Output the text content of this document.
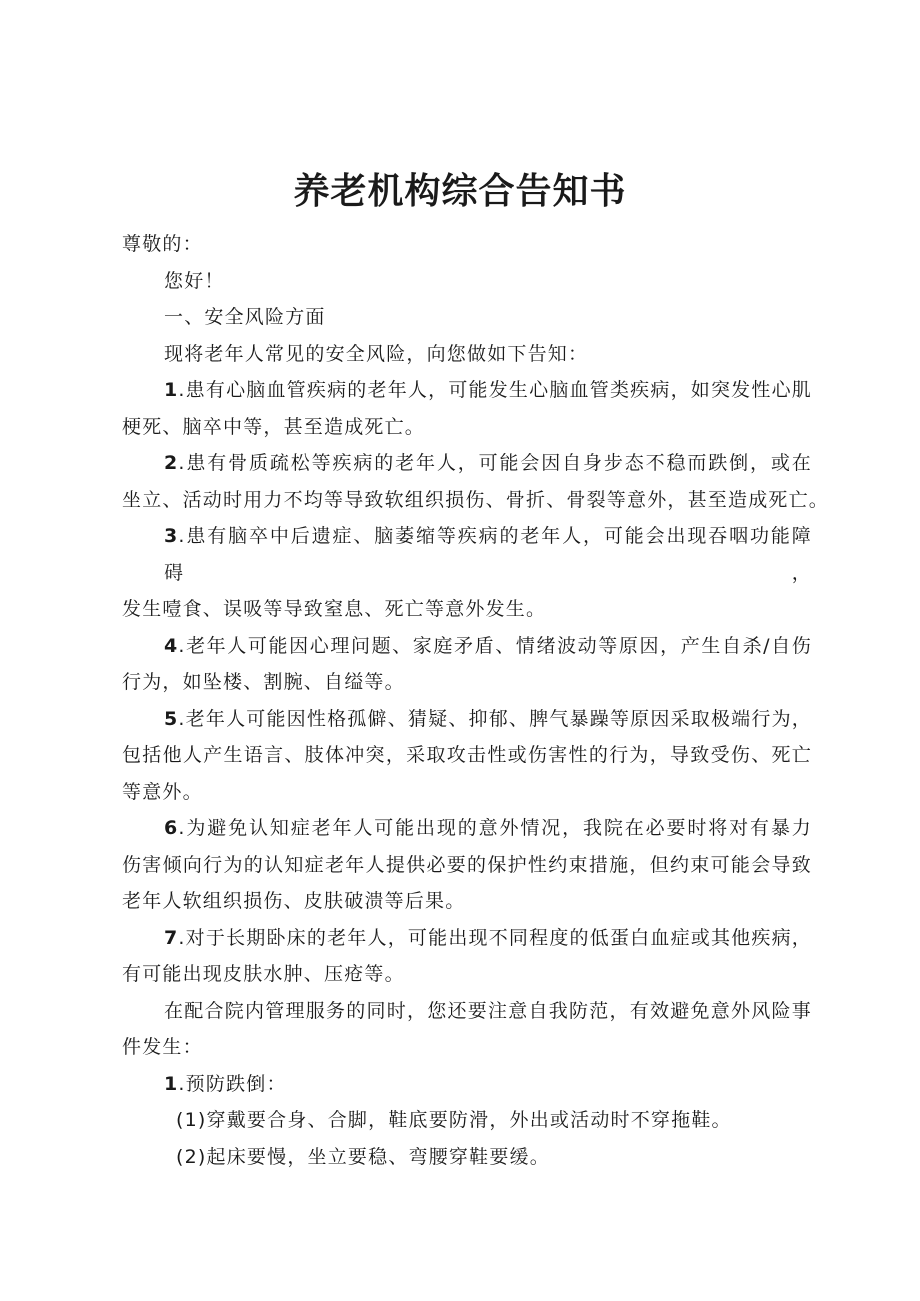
养老机构综合告知书

尊敬的：

您好！

一、安全风险方面

现将老年人常见的安全风险，向您做如下告知：

1.患有心脑血管疾病的老年人，可能发生心脑血管类疾病，如突发性心肌

梗死、脑卒中等，甚至造成死亡。

2.患有骨质疏松等疾病的老年人，可能会因自身步态不稳而跌倒，或在

坐立、活动时用力不均等导致软组织损伤、骨折、骨裂等意外，甚至造成死亡。

3.患有脑卒中后遗症、脑萎缩等疾病的老年人，可能会出现吞咽功能障碍，

发生噎食、误吸等导致窒息、死亡等意外发生。

4.老年人可能因心理问题、家庭矛盾、情绪波动等原因，产生自杀/自伤

行为，如坠楼、割腕、自缢等。

5.老年人可能因性格孤僻、猜疑、抑郁、脾气暴躁等原因采取极端行为，

包括他人产生语言、肢体冲突，采取攻击性或伤害性的行为，导致受伤、死亡

等意外。

6.为避免认知症老年人可能出现的意外情况，我院在必要时将对有暴力

伤害倾向行为的认知症老年人提供必要的保护性约束措施，但约束可能会导致

老年人软组织损伤、皮肤破溃等后果。

7.对于长期卧床的老年人，可能出现不同程度的低蛋白血症或其他疾病，

有可能出现皮肤水肿、压疮等。

在配合院内管理服务的同时，您还要注意自我防范，有效避免意外风险事

件发生：

1.预防跌倒：

(1)穿戴要合身、合脚，鞋底要防滑，外出或活动时不穿拖鞋。

(2)起床要慢，坐立要稳、弯腰穿鞋要缓。
